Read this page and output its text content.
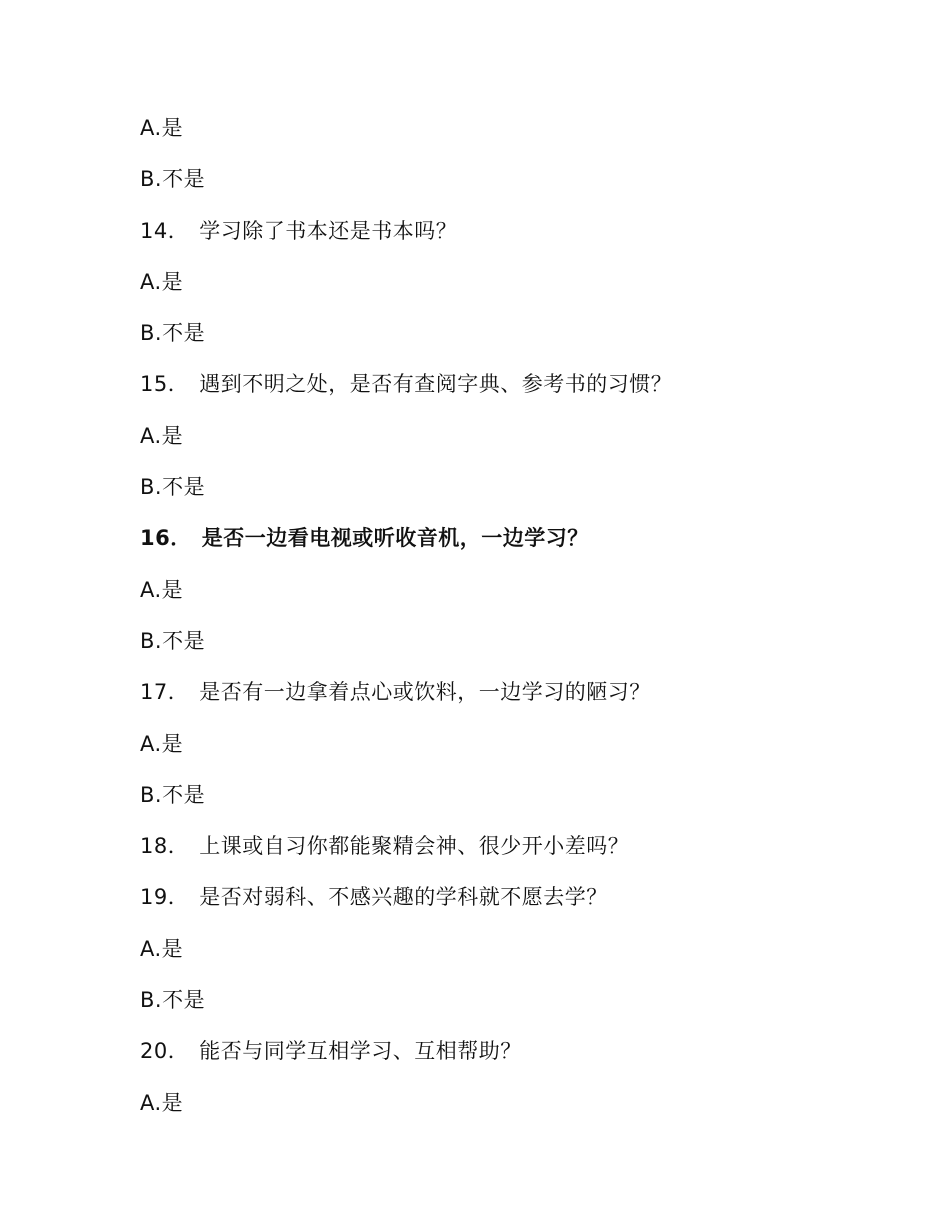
A.是
B.不是
14． 学习除了书本还是书本吗？
A.是
B.不是
15． 遇到不明之处，是否有查阅字典、参考书的习惯？
A.是
B.不是
16． 是否一边看电视或听收音机，一边学习？
A.是
B.不是
17． 是否有一边拿着点心或饮料，一边学习的陋习？
A.是
B.不是
18． 上课或自习你都能聚精会神、很少开小差吗？
19． 是否对弱科、不感兴趣的学科就不愿去学？
A.是
B.不是
20． 能否与同学互相学习、互相帮助？
A.是
